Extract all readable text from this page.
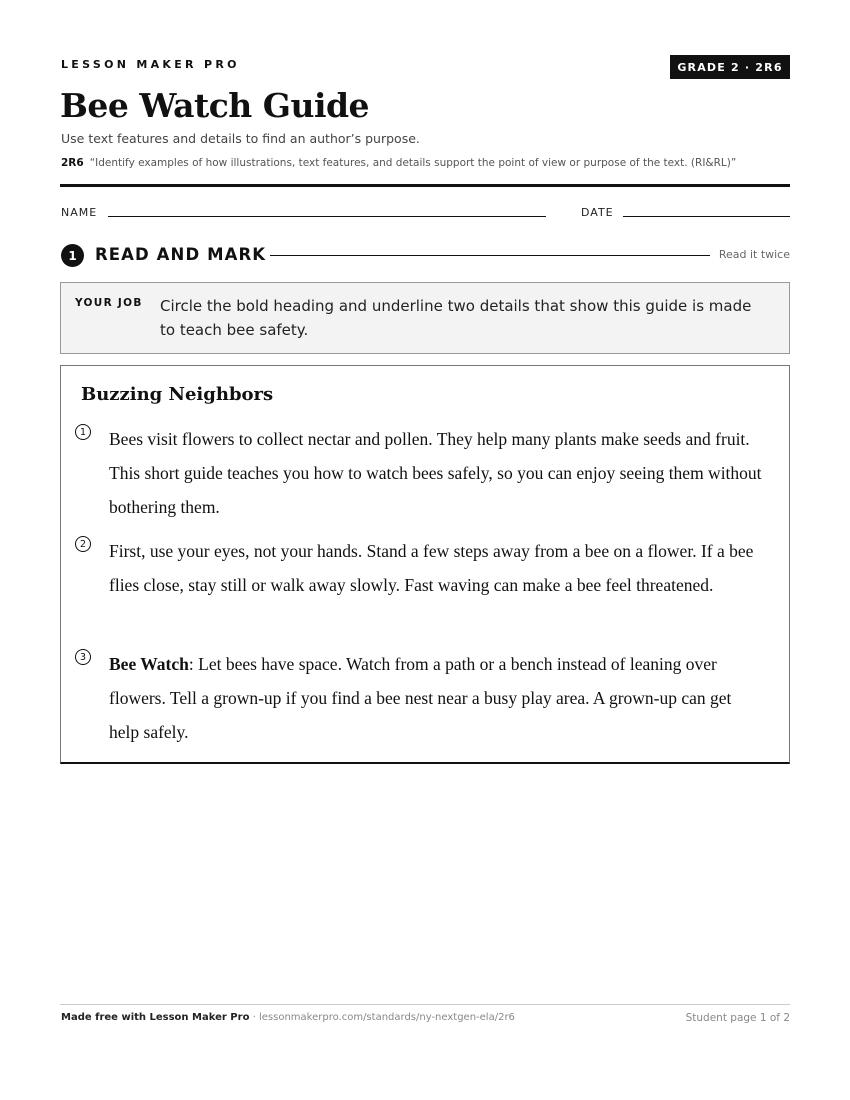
LESSON MAKER PRO	GRADE 2 · 2R6
Bee Watch Guide
Use text features and details to find an author’s purpose.
2R6 “Identify examples of how illustrations, text features, and details support the point of view or purpose of the text. (RI&RL)”
NAME	DATE
1	READ AND MARK	Read it twice
YOUR JOB Circle the bold heading and underline two details that show this guide is made to teach bee safety.
Buzzing Neighbors
1 Bees visit flowers to collect nectar and pollen. They help many plants make seeds and fruit. This short guide teaches you how to watch bees safely, so you can enjoy seeing them without bothering them.

2 First, use your eyes, not your hands. Stand a few steps away from a bee on a flower. If a bee flies close, stay still or walk away slowly. Fast waving can make a bee feel threatened.

3 Bee Watch: Let bees have space. Watch from a path or a bench instead of leaning over flowers. Tell a grown-up if you find a bee nest near a busy play area. A grown-up can get help safely.

Made free with Lesson Maker Pro · lessonmakerpro.com/standards/ny-nextgen-ela/2r6	Student page 1 of 2
